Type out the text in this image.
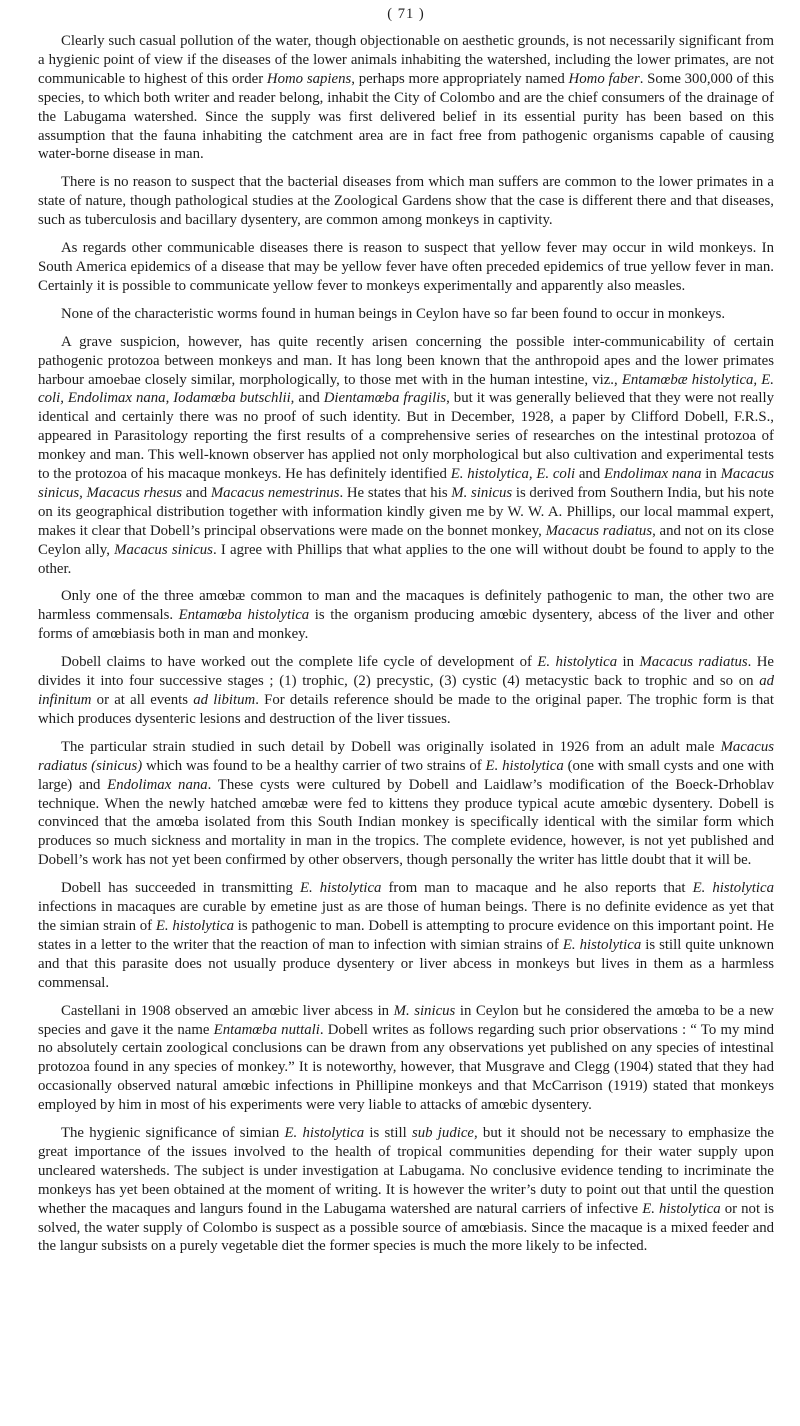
( 71 )

Clearly such casual pollution of the water, though objectionable on aesthetic grounds, is not necessarily significant from a hygienic point of view if the diseases of the lower animals inhabiting the watershed, including the lower primates, are not communicable to highest of this order Homo sapiens, perhaps more appropriately named Homo faber. Some 300,000 of this species, to which both writer and reader belong, inhabit the City of Colombo and are the chief consumers of the drainage of the Labugama watershed. Since the supply was first delivered belief in its essential purity has been based on this assumption that the fauna inhabiting the catchment area are in fact free from pathogenic organisms capable of causing water-borne disease in man.

There is no reason to suspect that the bacterial diseases from which man suffers are common to the lower primates in a state of nature, though pathological studies at the Zoological Gardens show that the case is different there and that diseases, such as tuberculosis and bacillary dysentery, are common among monkeys in captivity.

As regards other communicable diseases there is reason to suspect that yellow fever may occur in wild monkeys. In South America epidemics of a disease that may be yellow fever have often preceded epidemics of true yellow fever in man. Certainly it is possible to communicate yellow fever to monkeys experimentally and apparently also measles.

None of the characteristic worms found in human beings in Ceylon have so far been found to occur in monkeys.

A grave suspicion, however, has quite recently arisen concerning the possible inter-communicability of certain pathogenic protozoa between monkeys and man. It has long been known that the anthropoid apes and the lower primates harbour amoebae closely similar, morphologically, to those met with in the human intestine, viz., Entamœbæ histolytica, E. coli, Endolimax nana, Iodamœba butschlii, and Dientamœba fragilis, but it was generally believed that they were not really identical and certainly there was no proof of such identity. But in December, 1928, a paper by Clifford Dobell, F.R.S., appeared in Parasitology reporting the first results of a comprehensive series of researches on the intestinal protozoa of monkey and man. This well-known observer has applied not only morphological but also cultivation and experimental tests to the protozoa of his macaque monkeys. He has definitely identified E. histolytica, E. coli and Endolimax nana in Macacus sinicus, Macacus rhesus and Macacus nemestrinus. He states that his M. sinicus is derived from Southern India, but his note on its geographical distribution together with information kindly given me by W. W. A. Phillips, our local mammal expert, makes it clear that Dobell’s principal observations were made on the bonnet monkey, Macacus radiatus, and not on its close Ceylon ally, Macacus sinicus. I agree with Phillips that what applies to the one will without doubt be found to apply to the other.

Only one of the three amœbæ common to man and the macaques is definitely pathogenic to man, the other two are harmless commensals. Entamœba histolytica is the organism producing amœbic dysentery, abcess of the liver and other forms of amœbiasis both in man and monkey.

Dobell claims to have worked out the complete life cycle of development of E. histolytica in Macacus radiatus. He divides it into four successive stages ; (1) trophic, (2) precystic, (3) cystic (4) metacystic back to trophic and so on ad infinitum or at all events ad libitum. For details reference should be made to the original paper. The trophic form is that which produces dysenteric lesions and destruction of the liver tissues.

The particular strain studied in such detail by Dobell was originally isolated in 1926 from an adult male Macacus radiatus (sinicus) which was found to be a healthy carrier of two strains of E. histolytica (one with small cysts and one with large) and Endolimax nana. These cysts were cultured by Dobell and Laidlaw’s modification of the Boeck-Drhoblav technique. When the newly hatched amœbæ were fed to kittens they produce typical acute amœbic dysentery. Dobell is convinced that the amœba isolated from this South Indian monkey is specifically identical with the similar form which produces so much sickness and mortality in man in the tropics. The complete evidence, however, is not yet published and Dobell’s work has not yet been confirmed by other observers, though personally the writer has little doubt that it will be.

Dobell has succeeded in transmitting E. histolytica from man to macaque and he also reports that E. histolytica infections in macaques are curable by emetine just as are those of human beings. There is no definite evidence as yet that the simian strain of E. histolytica is pathogenic to man. Dobell is attempting to procure evidence on this important point. He states in a letter to the writer that the reaction of man to infection with simian strains of E. histolytica is still quite unknown and that this parasite does not usually produce dysentery or liver abcess in monkeys but lives in them as a harmless commensal.

Castellani in 1908 observed an amœbic liver abcess in M. sinicus in Ceylon but he considered the amœba to be a new species and gave it the name Entamœba nuttali. Dobell writes as follows regarding such prior observations : “ To my mind no absolutely certain zoological conclusions can be drawn from any observations yet published on any species of intestinal protozoa found in any species of monkey.” It is noteworthy, however, that Musgrave and Clegg (1904) stated that they had occasionally observed natural amœbic infections in Phillipine monkeys and that McCarrison (1919) stated that monkeys employed by him in most of his experiments were very liable to attacks of amœbic dysentery.

The hygienic significance of simian E. histolytica is still sub judice, but it should not be necessary to emphasize the great importance of the issues involved to the health of tropical communities depending for their water supply upon uncleared watersheds. The subject is under investigation at Labugama. No conclusive evidence tending to incriminate the monkeys has yet been obtained at the moment of writing. It is however the writer’s duty to point out that until the question whether the macaques and langurs found in the Labugama watershed are natural carriers of infective E. histolytica or not is solved, the water supply of Colombo is suspect as a possible source of amœbiasis. Since the macaque is a mixed feeder and the langur subsists on a purely vegetable diet the former species is much the more likely to be infected.
